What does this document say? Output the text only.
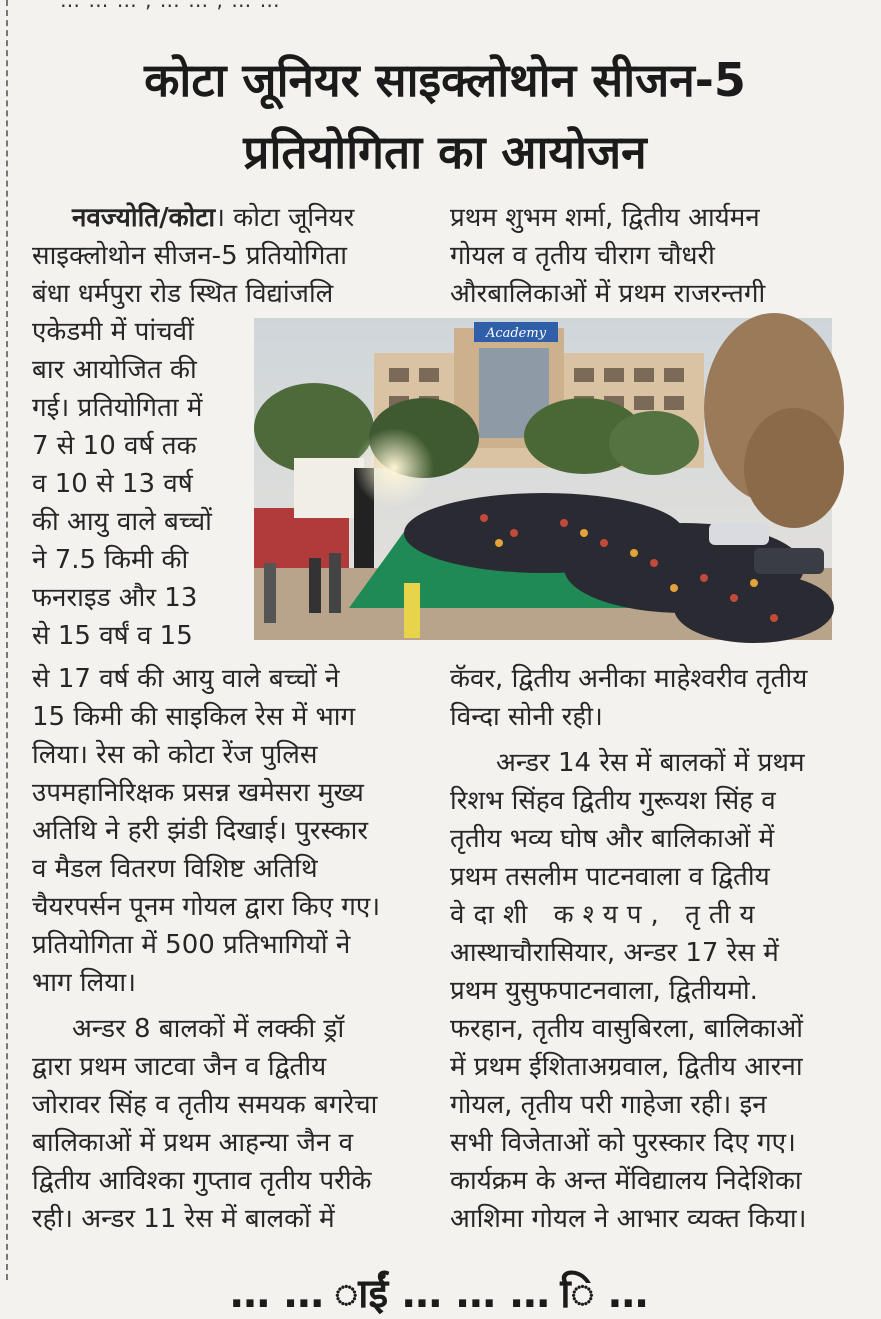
… … … , … … , … …
कोटा जूनियर साइक्लोथोन सीजन-5
प्रतियोगिता का आयोजन
नवज्योति/कोटा। कोटा जूनियर
साइक्लोथोन सीजन-5 प्रतियोगिता
बंधा धर्मपुरा रोड स्थित विद्यांजलि
एकेडमी में पांचवीं
बार आयोजित की
गई। प्रतियोगिता में
7 से 10 वर्ष तक
व 10 से 13 वर्ष
की आयु वाले बच्चों
ने 7.5 किमी की
फनराइड और 13
से 15 वर्षं व 15
से 17 वर्ष की आयु वाले बच्चों ने
15 किमी की साइकिल रेस में भाग
लिया। रेस को कोटा रेंज पुलिस
उपमहानिरिक्षक प्रसन्न खमेसरा मुख्य
अतिथि ने हरी झंडी दिखाई। पुरस्कार
व मैडल वितरण विशिष्ट अतिथि
चैयरपर्सन पूनम गोयल द्वारा किए गए।
प्रतियोगिता में 500 प्रतिभागियों ने
भाग लिया।
अन्डर 8 बालकों में लक्की ड्रॉ
द्वारा प्रथम जाटवा जैन व द्वितीय
जोरावर सिंह व तृतीय समयक बगरेचा
बालिकाओं में प्रथम आहन्या जैन व
द्वितीय आविश्का गुप्ताव तृतीय परीके
रही। अन्डर 11 रेस में बालकों में
प्रथम शुभम शर्मा, द्वितीय आर्यमन
गोयल व तृतीय चीराग चौधरी
औरबालिकाओं में प्रथम राजरन्तगी
कॅवर, द्वितीय अनीका माहेश्वरीव तृतीय
विन्दा सोनी रही।
अन्डर 14 रेस में बालकों में प्रथम
रिशभ सिंहव द्वितीय गुरूयश सिंह व
तृतीय भव्य घोष और बालिकाओं में
प्रथम तसलीम पाटनवाला व द्वितीय
वेदाशी कश्यप, तृतीय
आस्थाचौरासियार, अन्डर 17 रेस में
प्रथम युसुफपाटनवाला, द्वितीयमो.
फरहान, तृतीय वासुबिरला, बालिकाओं
में प्रथम ईशिताअग्रवाल, द्वितीय आरना
गोयल, तृतीय परी गाहेजा रही। इन
सभी विजेताओं को पुरस्कार दिए गए।
कार्यक्रम के अन्त मेंविद्यालय निदेशिका
आशिमा गोयल ने आभार व्यक्त किया।
Academy
… … ाईं … … … ि …
